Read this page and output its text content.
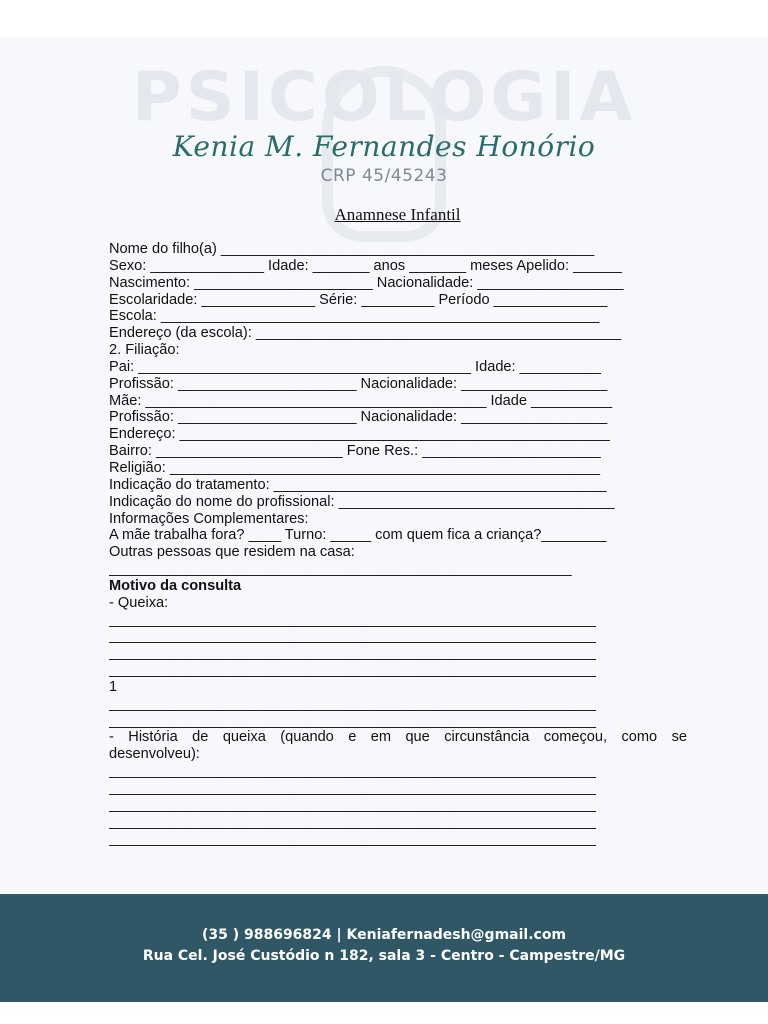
PSICOLOGIA
Kenia M. Fernandes Honório
CRP 45/45243
Anamnese Infantil
Nome do filho(a) ______________________________________________
Sexo: ______________ Idade: _______ anos _______ meses Apelido: ______
Nascimento: ______________________ Nacionalidade: __________________
Escolaridade: ______________ Série: _________ Período ______________
Escola: ______________________________________________________
Endereço (da escola): _____________________________________________
2. Filiação:
Pai: _________________________________________ Idade: __________
Profissão: ______________________ Nacionalidade: __________________
Mãe: __________________________________________ Idade __________
Profissão: ______________________ Nacionalidade: __________________
Endereço: _____________________________________________________
Bairro: _______________________ Fone Res.: ______________________
Religião: _____________________________________________________
Indicação do tratamento: _________________________________________
Indicação do nome do profissional: __________________________________
Informações Complementares:
A mãe trabalha fora? ____ Turno: _____ com quem fica a criança?________
Outras pessoas que residem na casa:
_________________________________________________________
Motivo da consulta
- Queixa:
____________________________________________________________
____________________________________________________________
____________________________________________________________
____________________________________________________________
1
____________________________________________________________
____________________________________________________________
- História de queixa (quando e em que circunstância começou, como se
desenvolveu):
____________________________________________________________
____________________________________________________________
____________________________________________________________
____________________________________________________________
____________________________________________________________
(35 ) 988696824 | Keniafernadesh@gmail.com
Rua Cel. José Custódio n 182, sala 3 - Centro - Campestre/MG
